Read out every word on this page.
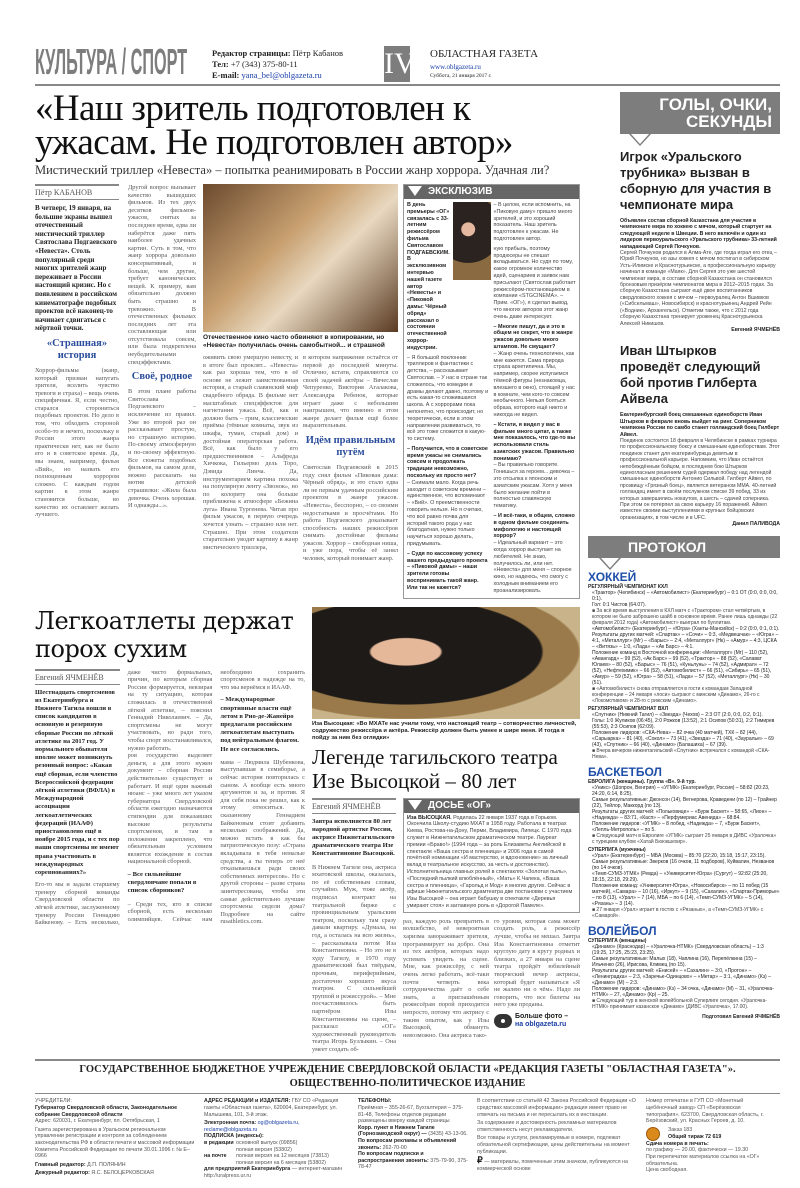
КУЛЬТУРА / СПОРТ	Редактор страницы: Пётр Кабанов
Тел: +7 (343) 375-80-11
E-mail: yana_bel@oblgazeta.ru	IV ОБЛАСТНАЯ ГАЗЕТА
www.oblgazeta.ru
Суббота, 21 января 2017 г.
«Наш зритель подготовлен к ужасам. Не подготовлен автор»
Мистический триллер «Невеста» – попытка реанимировать в России жанр хоррора. Удачная ли?
Пётр КАБАНОВ
В четверг, 19 января, на большие экраны вышел отечественный мистический триллер Святослава Подгаевского «Невеста». Столь популярный среди многих зрителей жанр переживает в России настоящий кризис. Но с появлением в российском кинематографе подобных проектов всё наконец-то начинает сдвигаться с мёртвой точки.
«Страшная» история
Хоррор-фильмы (жанр, который призван напугать зрителя, вселить чувство тревоги и страха) – вещь очень специфичная. Я, если честно, старался сторониться подобных проектов. Но дело в том, что обходить стороной особо-то и нечего, поскольку в России этого жанра практически нет, как не было его и в советское время. Да, мы знаем, например, фильм «Вий», но назвать его полноценным хоррором сложно. С каждым годом картин в этом жанре становится больше, но качество их оставляет желать лучшего.
Другой вопрос вызывает качество вышедших фильмов. Из тех двух десятков фильмов-ужасов, снятых за последнее время, едва ли наберётся даже пять наиболее удачных картин. Суть в том, что жанр хоррора довольно консервативный, и больше, чем другие, требует канонических вещей. К примеру, вам обязательно должно быть страшно и тревожно. В отечественных фильмах последних лет эта составляющая или отсутствовала совсем, или была подкреплена неубедительными спецэффектами.
Своё, родное
В этом плане работы Святослава Подгаевского – исключение из правил. Уже во второй раз он рассказывает простую, но страшную историю. По-своему атмосферную и по-своему эффектную. Все сюжеты подобных фильмов, на самом деле, можно рассказать на мотив детской страшилки: «Жила была девочка. Очень хорошая. И однажды...».
Отечественное кино часто обвиняют в копировании, но «Невеста» получилась очень самобытной... и страшной
оживить свою умершую невесту, и в итоге был проклят... «Невеста» как раз хороша тем, что в её основе не лежит заимствованная история, а старый славянский миф свадебного обряда. В фильме нет масштабных спецэффектов для нагнетания ужаса. Всё, как и должно быть – грим, классические приёмы (тёмные комнаты, звук из шкафа, туман, старый дом) и достойная операторская работа. Всё, как было у его предшественников – Альфреда Хичкока, Гильермо дель Торо, Дэвида Линча. Да, инструментарием картина похожа на популярную ленту «Звонок», но по колориту она больше приближена к атмосфере «Бежина луга» Ивана Тургенева. Читая про фильм ужасов, в первую очередь хочется узнать – страшно или нет. Страшно. При этом создатели старательно уводят картину в жанр мистического триллера,
в котором напряжение остаётся от первой до последней минуты. Отлично, кстати, справляются со своей задачей актёры – Вячеслав Чепуренко, Виктория Агалакова, Александра Ребенок, которые играет даже с небольшим наигрышем, что именно в этом жанре делает фильм ещё более выразительным.
Идём правильным путём
Святослав Подгаевский в 2015 году снял фильм «Пиковая дама: Чёрный обряд», и это стало едва ли не первым удачным российским проектом в жанре ужасов. «Невеста», бесспорно, – со своими недостатками и просчётами. Но работа Подгаевского доказывает способность наших режиссёров снимать достойные фильмы ужасов. Хоррор – свободная ниша, и уже пора, чтобы её занял человек, который понимает жанр.
ЭКСКЛЮЗИВ
В день премьеры «ОГ» связалась с 33-летним режиссёром фильма Святославом ПОДГАЕВСКИМ. В эксклюзивном интервью нашей газете автор «Невесты» и «Пиковой дамы: Чёрный обряд» рассказал о состоянии отечественной хоррор-индустрии.
– Я большой поклонник триллеров и фантастики с детства, – рассказывает Святослав. – У нас в стране так сложилось, что комедии и драмы делают давно, поэтому и есть какая-то сложившаяся школа. А с хоррорами пока непонятно, что происходит, но теоретически, если в этом направлении развиваться, то всё это тоже сложится в какую-то систему.
– Получается, что в советское время ужасы не снимались совсем и продолжать традиции невозможно, поскольку их просто нет?
– Снимали мало. Когда речь заходит о советском времени – единственное, что вспоминают – «Вий». О преемственности говорить нельзя. Но я считаю, что всё равно почва для историй такого рода у нас благодатная, нужно только научиться хорошо делать, придумывать.
– Судя по кассовому успеху вашего предыдущего проекта – «Пиковой дамы» – наши зрители готовы воспринимать такой жанр. Или так не кажется?
– В целом, если вспомнить, на «Пиковую даму» пришло много зрителей, и это хороший показатель. Наш зритель подготовлен к ужасам. Не подготовлен автор.
ную прибыль, поэтому продюсеры не спешат вкладываться. Но судя по тому, какое огромное количество идей, сценариев и заявок нам присылают (Святослав работает режиссёром-постановщиком в компании «STGCINEMA». – Прим. «ОГ»), я сделал вывод, что многих авторов этот жанр очень даже интересует.
– Многие пишут, да и это в общем не секрет, что в жанре ужасов довольно много штампов. Не смущает?
– Жанр очень технологичен, как мне кажется. Сама природа страха архетипична. Мы, например, скорее испугаемся тёмной фигуры (незнакомца, влезшего в окно), стоящей у нас в комнате, чем кого-то совсем необычного. Нельзя бояться образа, которого ещё никто и никогда не видел.
– Кстати, я видел у вас в фильме много цитат, а также мне показалось, что где-то вы использовали стиль азиатских ужасов. Правильно понимаю?
– Вы правильно говорите. Гонишься за героем... девочка – это отсылка к японским и азиатским ужасам. Хотя у меня было желание пойти в полностью славянскую тематику.
– И всё-таки, в общем, сложно в одном фильме соединить мифологию и настоящий хоррор?
– Идеальный вариант – это когда хоррор выступает на любителей. Не знаю, получилось ли, или нет. «Невеста» для меня – спорное кино, но надеюсь, что смогу с холодным вниманием его проанализировать.
Легкоатлеты держат порох сухим
Евгений ЯЧМЕНЁВ
Шестнадцать спортсменов из Екатеринбурга и Нижнего Тагила вошли в список кандидатов в основную и резервную сборные России по лёгкой атлетике на 2017 год. У нормального обывателя вполне может возникнуть резонный вопрос: «Какая ещё сборная, если членство Всероссийской федерации лёгкой атлетики (ВФЛА) в Международной ассоциации легкоатлетических федераций (ИААФ) приостановлено ещё в ноябре 2015 года, и с тех пор наши спортсмены не имеют права участвовать в международных соревнованиях?»
Его-то мы и задали старшему тренеру сборной команды Свердловской области по лёгкой атлетике, заслуженному тренеру России Геннадию Байкенову. – Есть несколько, даже чисто формальных, причин, по которым сборная России формируется, невзирая на ту ситуацию, которая сложилась в отечественной лёгкой атлетике, – пояснил Геннадий Николаевич. – Да, спортсмены не могут участвовать, но ради того, чтобы спорт восстанавливался, нужно работать.
ров государство выделяет деньги, а для этого нужен документ – сборная России действительно существует и работает. И ещё один важный нюанс – уже много лет указом губернатора Свердловской области ежегодно назначаются стипендии для показавших высокие результаты спортсменов, и там в положении закреплено, что обязательным условием является вхождение в состав национальной сборной.
– Все сильнейшие свердловчане попали в список сборников?
– Среди тех, кто в списке сборной, есть несколько олимпийцев. Сейчас нам необходимо сохранить спортсменов в надежде на то, что мы вернёмся в ИААФ.
– Международные спортивные власти ещё летом в Рио-де-Жанейро предлагали российским легкоатлетам выступать под нейтральным флагом. Не все согласились.
мама – Людмила Шубенкова, выступавшая в семиборье, а сейчас история повторилась с сыном. А вообще есть много аргументов и за, и против. Я для себя пока не решил, как к этому относиться. К сказанному Геннадием Байкеновым стоит добавить несколько соображений. Да, можно встать в как бы патриотическую позу: «Страна вкладывала в тебя немалые средства, а ты теперь от неё отказываешься ради своих собственных интересов». Но с другой стороны – разве страна заинтересована, чтобы эти самые действительно лучшие спортсмены сидели дома? Подробнее на сайте rusathletics.com.
Иза Высоцкая: «Во МХАТе нас учили тому, что настоящий театр – сотворчество личностей, содружество режиссёра и актёра. Режиссёр должен быть умнее и шире меня. И тогда я пойду за ним без оглядки»
Легенде тагильского театра Изе Высоцкой – 80 лет
Евгений ЯЧМЕНЁВ
Завтра исполняется 80 лет народной артистке России, актрисе Нижнетагильского драматического театра Изе Константиновне Высоцкой.
В Нижнем Тагиле она, актриса мхатовской школы, оказалась, по её собственным словам, случайно. Муж, тоже актёр, подписал контракт на театральной бирже с провинциальным уральским театром, поскольку там сразу давали квартиру. «Думала, на год, а осталась на всю жизнь», – рассказывала потом Иза Константиновна. – Но это не в худу Тагилу, в 1970 году драматический был твёрдым, прочным, периферийным, достаточно хорошего вкуса театром. С сильнейшей труппой и режиссурой». – Мне посчастливилось быть партнёром Изы Константиновны на сцене, – рассказал «ОГ» художественный руководитель театра Игорь Бузлыкин. – Она умеет создать об-
ДОСЬЕ «ОГ»
Иза ВЫСОЦКАЯ. Родилась 22 января 1937 года в Горьком. Окончила Школу-студию МХАТ в 1958 году. Работала в театрах Киева, Ростова-на-Дону, Перми, Владимира, Липецк. С 1970 года служит в Нижнетагильском драматическом театре. Лауреат премии «Браво!» (1994 года – за роль Елизаветы Английской в спектакле «Ваша сестра и пленница» и 2006 года в самой почётной номинации «И мастерство, и вдохновение» за личный вклад в театральное искусство, за честь и достоинство). Исполнительница главных ролей в спектаклях «Золотая пыль», «Последний пылкий влюблённый», «Мать» К.Чапека, «Ваша сестра и пленница», «Гарольд и Мод» и многих других. Сейчас в афише Нижнетагильского драмтеатра две постановки с участием Изы Высоцкой – она играет бабушку в спектакле «Деревья умирают стоя» и заглавную роль в «Дорогой Памеле».
раз, каждую роль превратить в волшебство, её невероятная харизма завораживает зрителя, программирует на добро. Она из тех актёров, которых надо успевать увидеть на сцене. Мне, как режиссёру, с ней очень легко работать, всё-таки почти четверть века сотрудничества даёт о себе знать, а приглашённым режиссёрам порой приходится непросто, потому что актрису с таким опытом, как у Изы Высоцкой, обмануть невозможно. Она актриса тако-
го уровня, которая сама может создать роль, а режиссёр лучше, чтобы не мешал. Завтра Иза Константиновна отметит круглую дату в кругу родных и близких, а 27 января на сцене театра пройдёт юбилейный творческий вечер актрисы, который будет называться «Я не жалею ни о чём». Надо ли говорить, что все билеты на него уже проданы.
Больше фото –
на oblgazeta.ru
ГОЛЫ, ОЧКИ, СЕКУНДЫ
Игрок «Уральского трубника» вызван в сборную для участия в чемпионате мира
Объявлен состав сборной Казахстана для участия в чемпионате мира по хоккею с мячом, который стартует на следующей неделе в Швеции. В него включён и один из лидеров первоуральского «Уральского трубника» 33-летний нападающий Сергей Почкунов.
Сергей Почкунов родился в Алма-Ате, где тогда играл его отец – Юрий Почкунов, но азы хоккея с мячом постигал в сибирском Усть-Илимске и Краснотурьинске, а профессиональную карьеру начинал в команде «Маяк». Для Сергея это уже шестой чемпионат мира, в составе сборной Казахстана он становился бронзовым призёром чемпионатов мира в 2012–2015 годах. За сборную Казахстана сыграют ещё двое воспитанников свердловского хоккея с мячом – первоуралец Антон Вшивков («Сибсельмаш», Новосибирск) и краснотурьинец Андрей Рейн («Водник», Архангельск). Отметим также, что с 2012 года сборную Казахстана тренирует уроженец Краснотурьинска Алексей Никишов.
Евгений ЯЧМЕНЁВ
Иван Штырков проведёт следующий бой против Гилберта Айвела
Екатеринбургский боец смешанных единоборств Иван Штырков в феврале вновь выйдет на ринг. Соперником чемпиона России по самбо станет голландский боец Гилберт Айвел.
Поединок состоится 18 февраля в Челябинске в рамках турнира по профессиональному боксу и смешанным единоборствам. Этот поединок станет для екатеринбуржца девятым в профессиональной карьере. Напомним, что Иван остаётся непобеждённым бойцом, в последнем бою Штырков единогласным решением судей одержал победу над легендой смешанных единоборств Антонио Сильвой. Гилберт Айвел, по прозвищу «Грязный боец», является ветераном ММА. 40-летний голландец имеет в своём послужном списке 39 побед, 33 из которых завершились нокаутом, а шесть – сдачей соперника. При этом он потерпел за свою карьеру 16 поражений. Айвел известен своими выступлениями в крупных бойцовских организациях, в том числе и в UFC.
Данил ПАЛИВОДА
ПРОТОКОЛ
ХОККЕЙ
РЕГУЛЯРНЫЙ ЧЕМПИОНАТ КХЛ
«Трактор» (Челябинск) – «Автомобилист» (Екатеринбург) – 0:1 ОТ (0:0, 0:0, 0:0, 0:1).
Гол: 0:1 Чистов (64.07).
■ За всё время выступления в КХЛ матч с «Трактором» стал четвёртым, в котором не было заброшено шайб в основное время. Ранее лишь однажды (22 февраля 2012 года) «Автомобилист» выиграл по буллитам.
«Автомобилист» (Екатеринбург) – «Югра» (Ханты-Мансийск) – 0:2 (0:0, 0:1, 0:1).
Результаты других матчей: «Спартак» – «Сочи» – 0:3, «Медвешчак» – «Югра» – 4:1, «Металлург» (Мг) – «Барыс» – 2:4, «Металлург» (Нк) – «Амур» – 4:3, ЦСКА – «Витязь» – 1:0, «Лада» – «Ак Барс» – 4:1.
Положение команд в Восточной конференции: «Металлург» (Мг) – 110 (52), «Авангард» – 99 (52), «Ак Барс» – 99 (52), «Трактор» – 88 (52), «Салават Юлаев» – 80 (52), «Барыс» – 76 (51), «Куньлунь» – 74 (52), «Адмирал» – 72 (52), «Нефтехимик» – 66 (52), «Автомобилист» – 66 (51), «Сибирь» – 65 (51), «Амур» – 59 (52), «Югра» – 58 (51), «Лада» – 57 (52), «Металлург» (Нк) – 30 (51).
■ «Автомобилист» снова отправляется в гости к командам Западной конференции – 24 января «лоси» сыграют с минским «Динамо», 26-го с «Локомотивом» и 28-го с рижским «Динамо».
РЕГУЛЯРНЫЙ ЧЕМПИОНАТ ВХЛ
«Спутник» (Нижний Тагил) – «Звезда» (Чехов) – 2:3 ОТ (2:0, 0:0, 0:2, 0:1).
Голы: 1:0 Жуликов (06:45), 2:0 Рожков (13:52), 2:1 Осипов (50:31), 2:2 Тимирев (55:53), 2:3 Осипов (62:09).
Положение лидеров: «СКА-Нева» – 82 очка (40 матчей), ТХК – 82 (44), «Сарыарка» – 81 (40), «Сокол» – 73 (41), «Звезда» – 71 (40), «Зауралье» – 69 (43), «Спутник» – 66 (40), «Динамо» (Балашиха) – 67 (39).
■ Вчера вечером нижнетагильский «Спутник» встречался с командой «СКА-Нева».
БАСКЕТБОЛ
ЕВРОЛИГА (женщины). Группа «В». 9-й тур.
«Уникс» (Шопрон, Венгрия) – «УГМК» (Екатеринбург, Россия) – 58:82 (20:23, 24:20, 6:14, 8:25).
Самые результативные: Джонсон (14), Вегнерова, Краведени (по 12) – Грайнер (22), Тейлор, Маккорд (по 13).
Результаты других матчей: «Польковице» – «Бурж Баскет» – 58:65, «Лион» – «Надежда» – 83:71, «Касп» – «Перфумериас Авенида» – 68:84.
Положение лидеров: «УГМК» – 8 побед, «Надежда» – 7, «Бурж Баскет», «Лепль-Метрополь» – по 5.
■ Следующий матч в Евролиге «УГМК» сыграет 25 января в ДИВС «Уралочка» с турецким клубом «Хатай Бююкшехир».
СУПЕРЛИГА (мужчины)
«Урал» (Екатеринбург) – МБА (Москва) – 85:70 (22:20, 15:18, 15:17, 23:15).
Самые результативные: Зверков (16 очков, 11 подборов), Куйвалин, Незванов (по 14 очков).
«Темп-СУМЗ-УГМК» (Ревда) – «Университет-Югра» (Сургут) – 92:82 (25:20, 18:15, 22:18, 29:29).
Положение команд: «Университет-Югра», «Новосибирск» – по 11 побед (15 матчей), «Самара» – 10 (16), «Иркут» – 9 (15), «Сахалин», «Спартак-Приморье» – по 8 (13), «Урал» – 7 (14), МБА – по 6 (14), «Темп-СУМЗ-УГМК» – 5 (14), «Рязань» – 3 (14).
■ 27 января «Урал» играет в гостях с «Рязанью», а «Темп-СУМЗ-УГМК» с «Самарой».
ВОЛЕЙБОЛ
СУПЕРЛИГА (женщины)
«Динамо» (Краснодар) – «Уралочка-НТМК» (Свердловская область) – 1:3 (19:25, 17:25, 25:23, 23:25).
Самые результативные: Малых (18), Чаплина (16), Перепёлкина (15) – Ильченко (26), Ирисова, Климец (по 15).
Результаты других матчей: «Енисей» – «Сахалин» – 3:0, «Протон» – «Ленинградка» – 2:3, «Заречье-Одинцово» – «Метар» – 3:1, «Динамо» (Кз) – «Динамо» (М) – 2:3.
Положение лидеров: «Динамо» (Кз) – 34 очка, «Динамо» (М) – 31, «Уралочка-НТМК» – 27, «Динамо» (Кр) – 25.
■ Следующий тур в женской волейбольной Суперлиге сегодня. «Уралочка-НТМК» принимает казанское «Динамо» (ДИВС «Уралочка», 17.00).
Подготовил Евгений ЯЧМЕНЁВ
ГОСУДАРСТВЕННОЕ БЮДЖЕТНОЕ УЧРЕЖДЕНИЕ СВЕРДЛОВСКОЙ ОБЛАСТИ «РЕДАКЦИЯ ГАЗЕТЫ "ОБЛАСТНАЯ ГАЗЕТА"». ОБЩЕСТВЕННО-ПОЛИТИЧЕСКОЕ ИЗДАНИЕ
УЧРЕДИТЕЛИ:
Губернатор Свердловской области, Законодательное собрание Свердловской области
Адрес: 620031, г. Екатеринбург, пл. Октябрьская, 1
Газета зарегистрирована в Уральском региональном управлении регистрации и контроля за соблюдением законодательства РФ в области печати и массовой информации Комитета Российской Федерации по печати 30.01.1996 г. № Е–0966
Главный редактор: Д.П. ПОЛЯНИН
Дежурный редактор: Я.С. БЕЛОЦЕРКОВСКАЯ
АДРЕС РЕДАКЦИИ и ИЗДАТЕЛЯ: ГБУ СО «Редакция газеты «Областная газета», 620004, Екатеринбург, ул. Малышева, 101, 3-й этаж.
Электронная почта: og@oblgazeta.ru, reclame@oblgazeta.ru
ПОДПИСКА (индексы):
в редакции основной выпуск (09856)
полная версия (53802)
на почте	полная версия на 12 месяцев (73813)
полная версия на 6 месяцев (53802)
для предприятий Екатеринбурга — интернет-магазин http://uralpress.ur.ru
ТЕЛЕФОНЫ:
Приёмная – 355-26-67, Бухгалтерия – 375-81-48, Телефоны отделов редакции размещены вверху каждой страницы
Корр. пункт в Нижнем Тагиле (Горнозаводской округ) — (3435) 43-13-06.
По вопросам рекламы и объявлений звонить: 262-70-00
По вопросам подписки и распространения звонить: 375-79-90, 375-78-47
В соответствии со статьёй 42 Закона Российской Федерации «О средствах массовой информации» редакция имеет право не отвечать на письма и не пересылать их в инстанции.
За содержание и достоверность рекламных материалов ответственность несут рекламодатели.
Все товары и услуги, рекламируемые в номере, подлежат обязательной сертификации, цены действительны на момент публикации.
₽ — материалы, помеченные этим значком, публикуются на коммерческой основе
Номер отпечатан в ГУП СО «Монетный щебёночный завод» СП «Берёзовская типография». 623700, Свердловская область, г. Берёзовский, ул. Красных Героев, д. 10.
Заказ 183
Общий тираж 72 619
Сдача номера в печать:
по графику — 20.00, фактически — 19.30
При перепечатке материалов ссылка на «ОГ» обязательна.
Цена свободная.
